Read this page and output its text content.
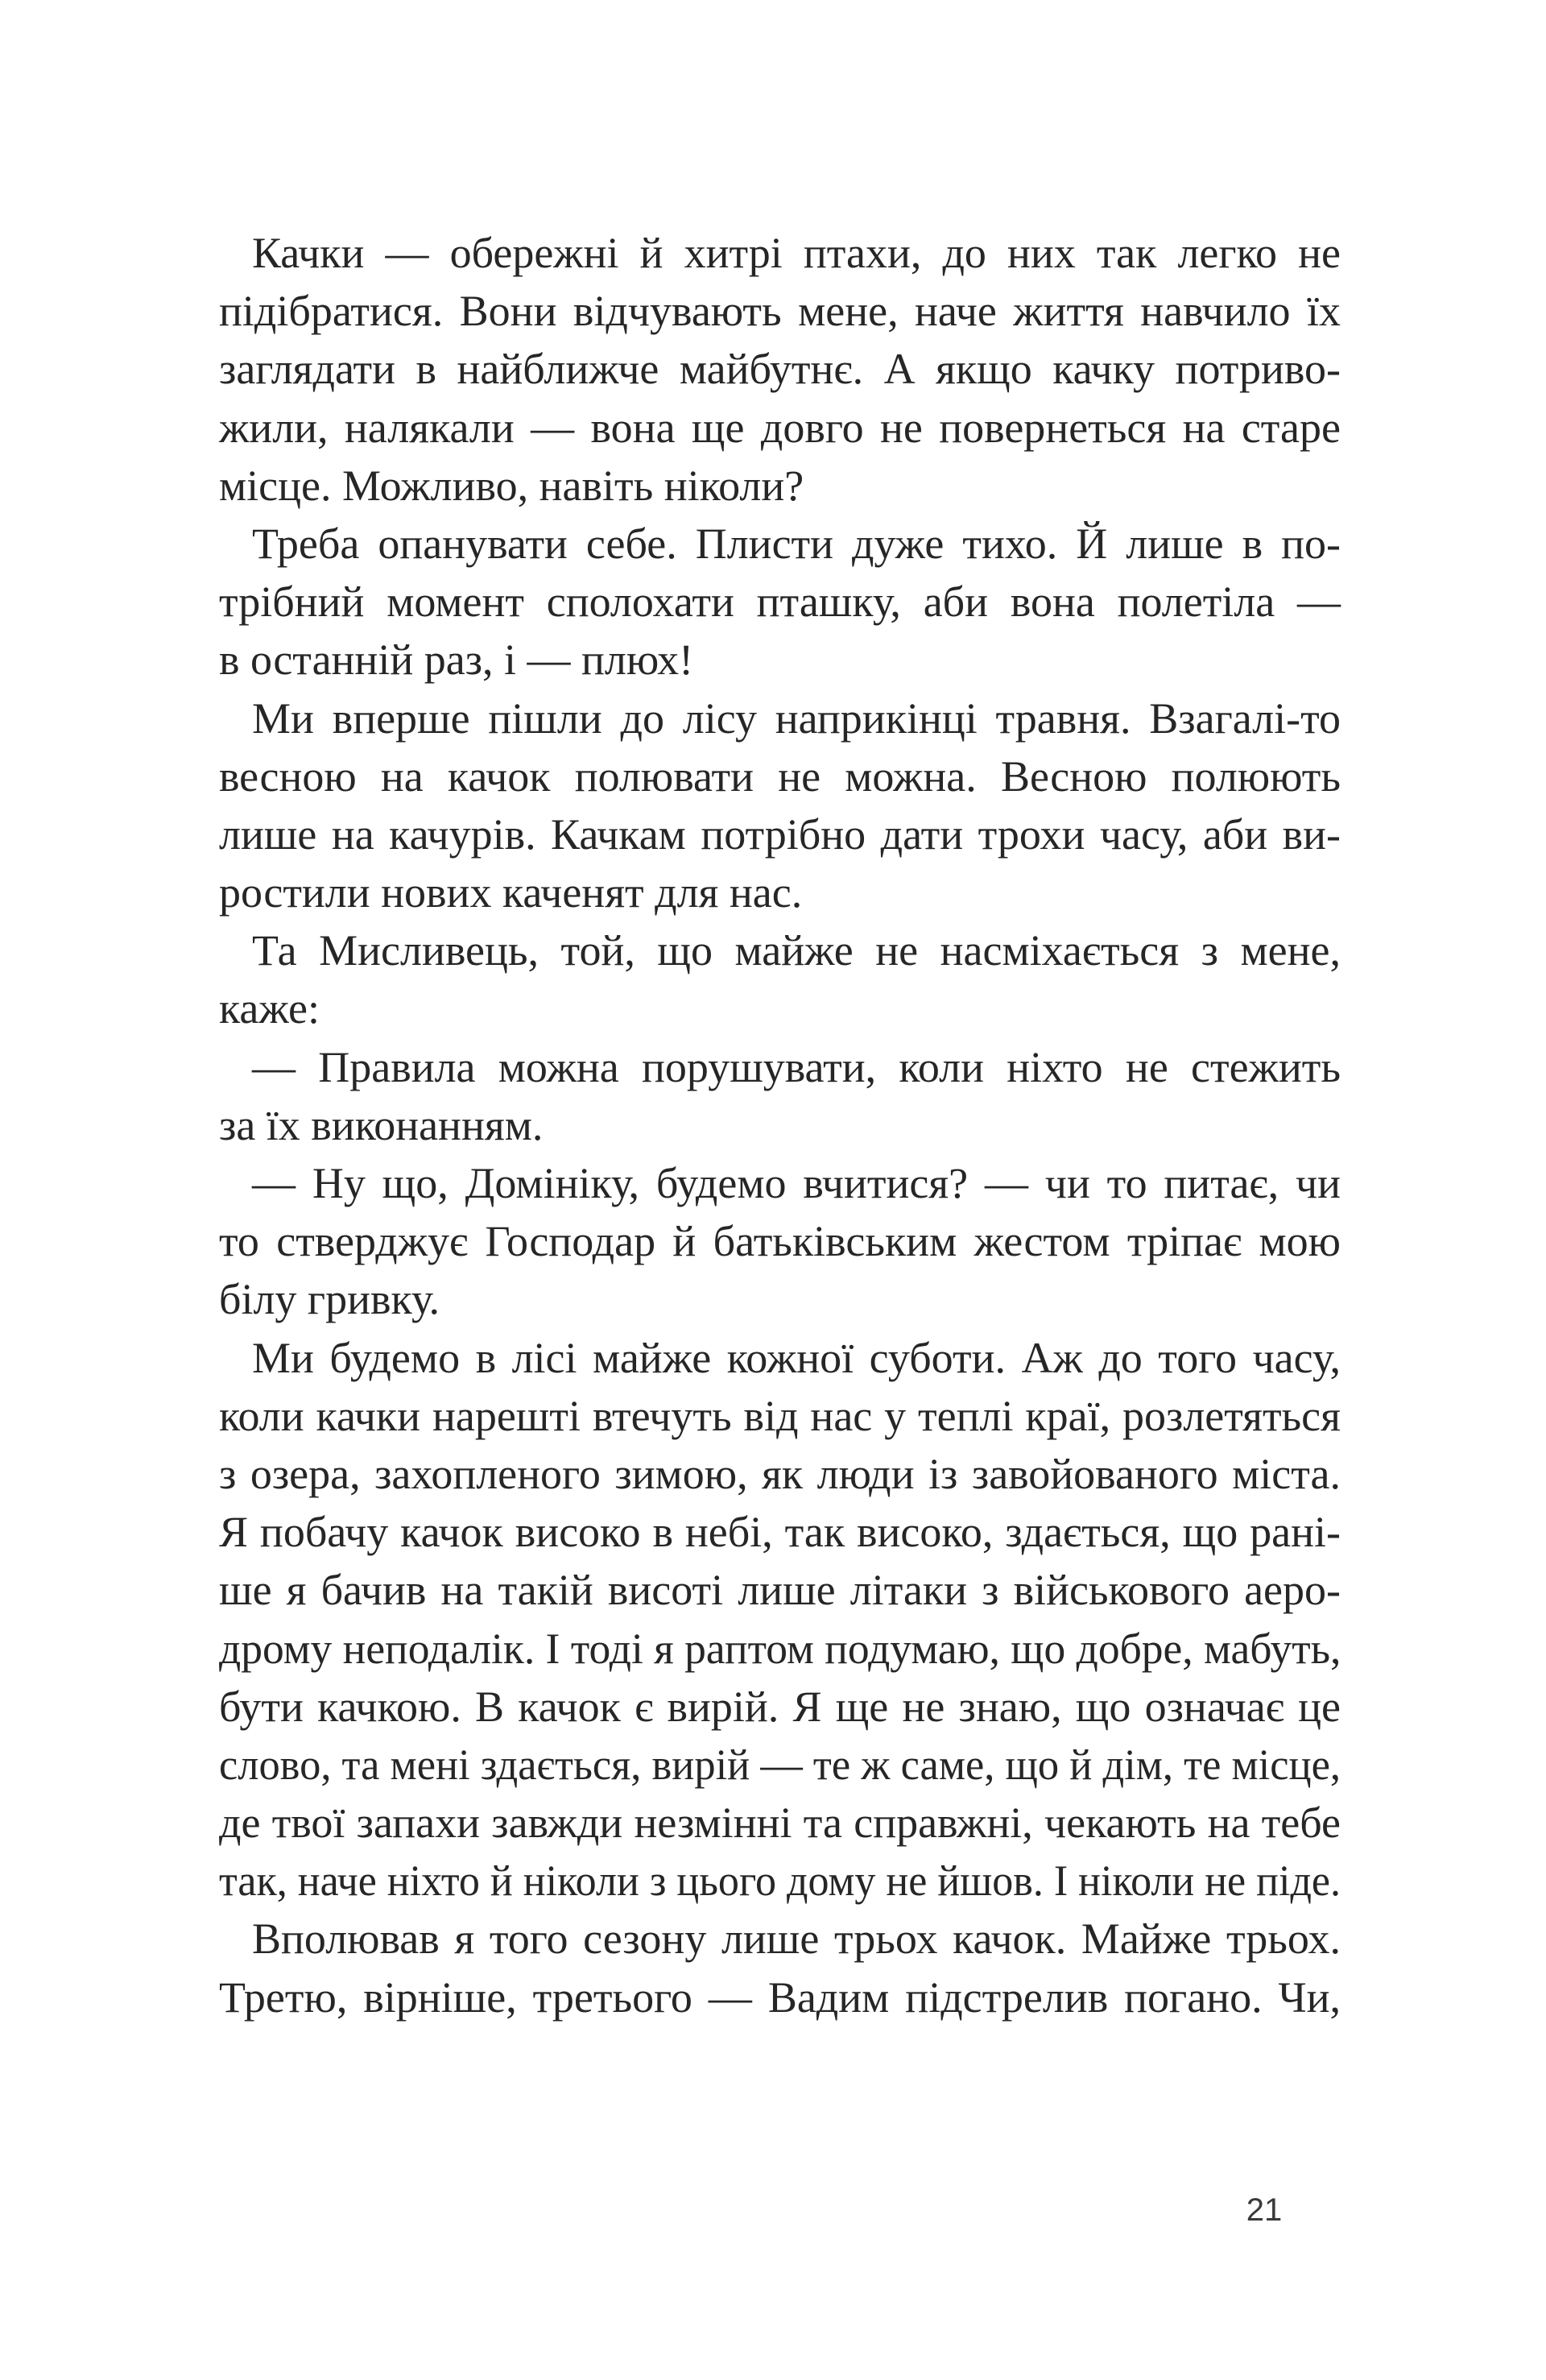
Качки — обережні й хитрі птахи, до них так легко не
підібратися. Вони відчувають мене, наче життя навчило їх
заглядати в найближче майбутнє. А якщо качку потриво-
жили, налякали — вона ще довго не повернеться на старе
місце. Можливо, навіть ніколи?
Треба опанувати себе. Плисти дуже тихо. Й лише в по-
трібний момент сполохати пташку, аби вона полетіла —
в останній раз, і — плюх!
Ми вперше пішли до лісу наприкінці травня. Взагалі-то
весною на качок полювати не можна. Весною полюють
лише на качурів. Качкам потрібно дати трохи часу, аби ви-
ростили нових каченят для нас.
Та Мисливець, той, що майже не насміхається з мене,
каже:
— Правила можна порушувати, коли ніхто не стежить
за їх виконанням.
— Ну що, Домініку, будемо вчитися? — чи то питає, чи
то стверджує Господар й батьківським жестом тріпає мою
білу гривку.
Ми будемо в лісі майже кожної суботи. Аж до того часу,
коли качки нарешті втечуть від нас у теплі краї, розлетяться
з озера, захопленого зимою, як люди із завойованого міста.
Я побачу качок високо в небі, так високо, здається, що рані-
ше я бачив на такій висоті лише літаки з військового аеро-
дрому неподалік. І тоді я раптом подумаю, що добре, мабуть,
бути качкою. В качок є вирій. Я ще не знаю, що означає це
слово, та мені здається, вирій — те ж саме, що й дім, те місце,
де твої запахи завжди незмінні та справжні, чекають на тебе
так, наче ніхто й ніколи з цього дому не йшов. І ніколи не піде.
Вполював я того сезону лише трьох качок. Майже трьох.
Третю, вірніше, третього — Вадим підстрелив погано. Чи,
21
